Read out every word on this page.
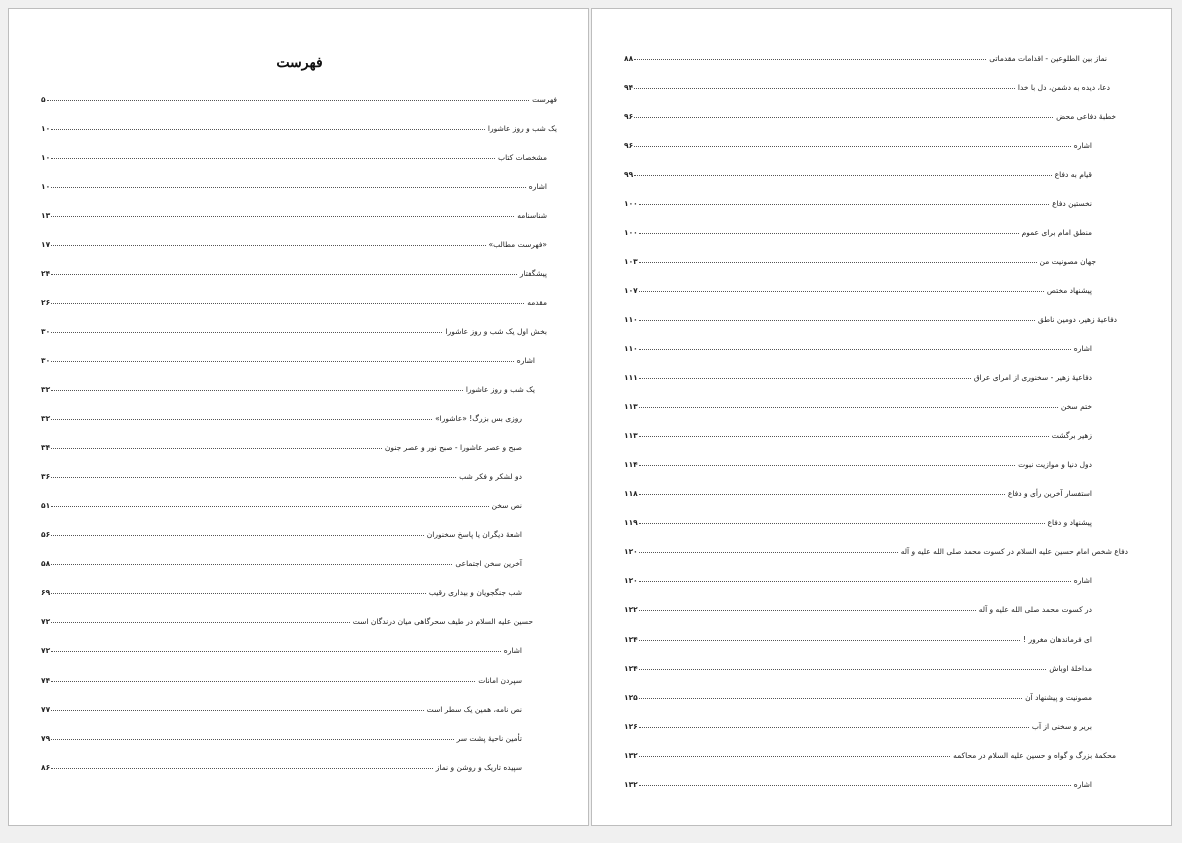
فهرست
فهرست
۵
یک شب و روز عاشورا
۱۰
مشخصات کتاب
۱۰
اشاره
۱۰
شناسنامه
۱۳
«فهرست مطالب»
۱۷
پیشگفتار
۲۴
مقدمه
۲۶
بخش اول یک شب و روز عاشورا
۳۰
اشاره
۳۰
یک شب و روز عاشورا
۳۲
روزی بس بزرگ! «عاشورا»
۳۲
صبح و عصر عاشورا - صبح نور و عصر جنون
۳۴
دو لشکر و فکر شب
۳۶
نص سخن
۵۱
اشعهٔ دیگران یا پاسخ سخنوران
۵۶
آخرین سخن اجتماعی
۵۸
شب جنگجویان و بیداری رقیب
۶۹
حسین علیه السلام در طیف سحرگاهی میان درندگان است
۷۲
اشاره
۷۲
سپردن امانات
۷۴
نص نامه، همین یک سطر است
۷۷
تأمین ناحیهٔ پشت سر
۷۹
سپیده تاریک و روشن و نماز
۸۶
نماز بین الطلوعین - اقدامات مقدماتی
۸۸
دعا، دیده به دشمن، دل با خدا
۹۴
خطبهٔ دفاعی محض
۹۶
اشاره
۹۶
قیام به دفاع
۹۹
نخستین دفاع
۱۰۰
منطق امام برای عموم
۱۰۰
جهان مصونیت من
۱۰۳
پیشنهاد مختص
۱۰۷
دفاعیهٔ زهیر، دومین ناطق
۱۱۰
اشاره
۱۱۰
دفاعیهٔ زهیر - سخنوری از امرای عراق
۱۱۱
ختم سخن
۱۱۳
زهیر برگشت
۱۱۳
دول دنیا و موازیت نبوت
۱۱۴
استفسار آخرین رأی و دفاع
۱۱۸
پیشنهاد و دفاع
۱۱۹
دفاع شخص امام حسین علیه السلام در کسوت محمد صلی الله علیه و آله
۱۲۰
اشاره
۱۲۰
در کسوت محمد صلی الله علیه و آله
۱۲۲
ای فرماندهان مغرور !
۱۲۴
مداخلهٔ اوباش
۱۲۴
مصونیت و پیشنهاد آن
۱۲۵
برير و سخنی از آب
۱۲۶
محکمهٔ بزرگ و گواه و حسین علیه السلام در محاکمه
۱۳۲
اشاره
۱۳۲
